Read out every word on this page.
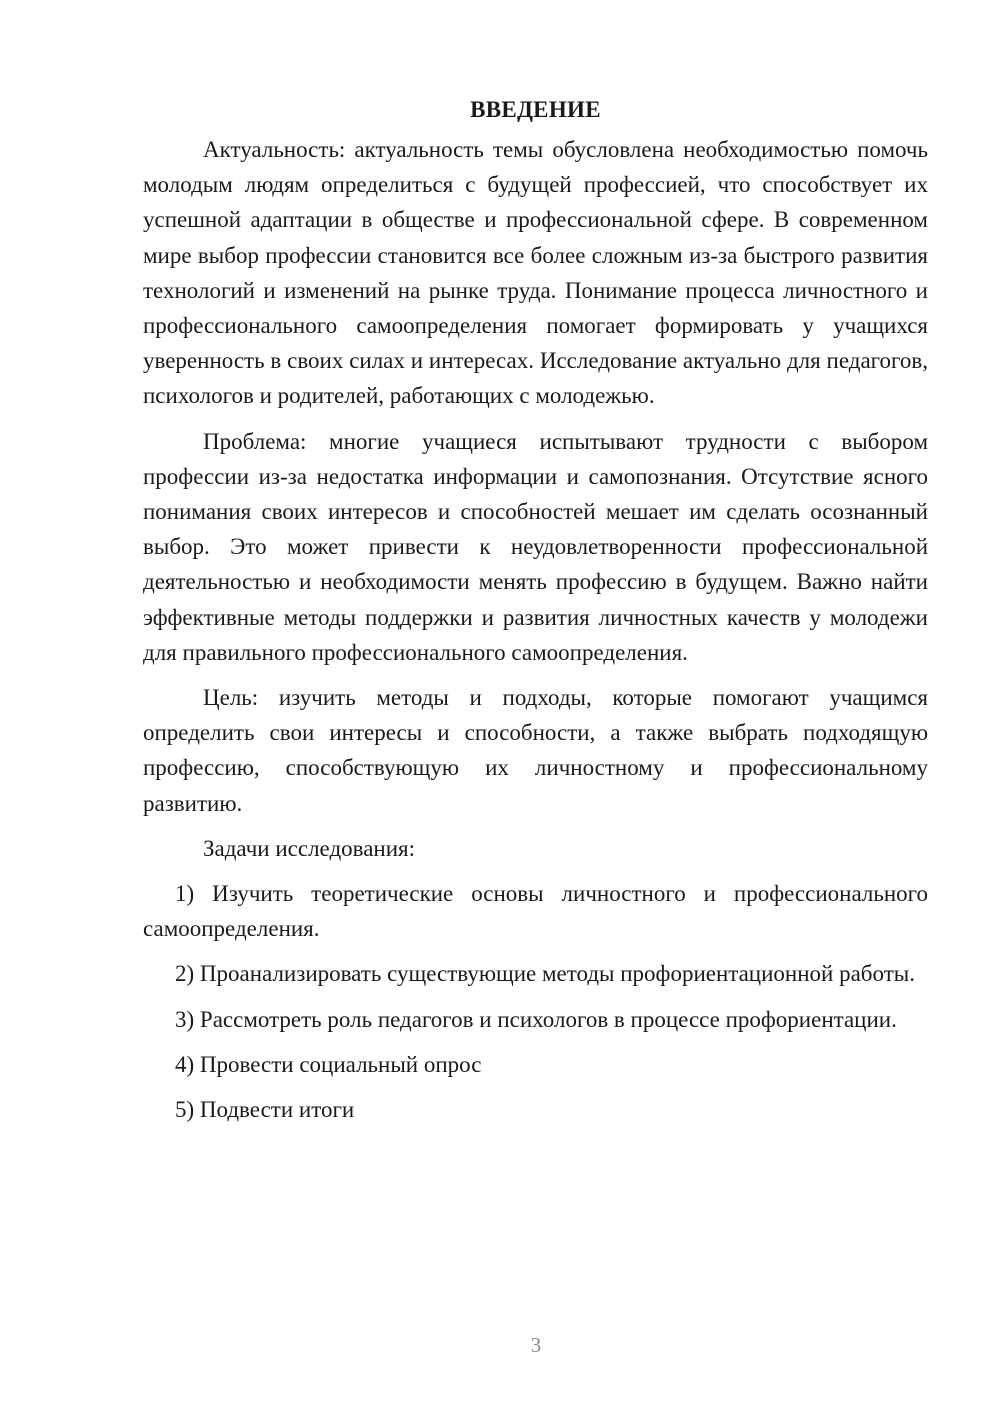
ВВЕДЕНИЕ

Актуальность: актуальность темы обусловлена необходимостью помочь молодым людям определиться с будущей профессией, что способствует их успешной адаптации в обществе и профессиональной сфере. В современном мире выбор профессии становится все более сложным из-за быстрого развития технологий и изменений на рынке труда. Понимание процесса личностного и профессионального самоопределения помогает формировать у учащихся уверенность в своих силах и интересах. Исследование актуально для педагогов, психологов и родителей, работающих с молодежью.

Проблема: многие учащиеся испытывают трудности с выбором профессии из-за недостатка информации и самопознания. Отсутствие ясного понимания своих интересов и способностей мешает им сделать осознанный выбор. Это может привести к неудовлетворенности профессиональной деятельностью и необходимости менять профессию в будущем. Важно найти эффективные методы поддержки и развития личностных качеств у молодежи для правильного профессионального самоопределения.

Цель: изучить методы и подходы, которые помогают учащимся определить свои интересы и способности, а также выбрать подходящую профессию, способствующую их личностному и профессиональному развитию.

Задачи исследования:

1) Изучить теоретические основы личностного и профессионального самоопределения.

2) Проанализировать существующие методы профориентационной работы.

3) Рассмотреть роль педагогов и психологов в процессе профориентации.

4) Провести социальный опрос

5) Подвести итоги

3
